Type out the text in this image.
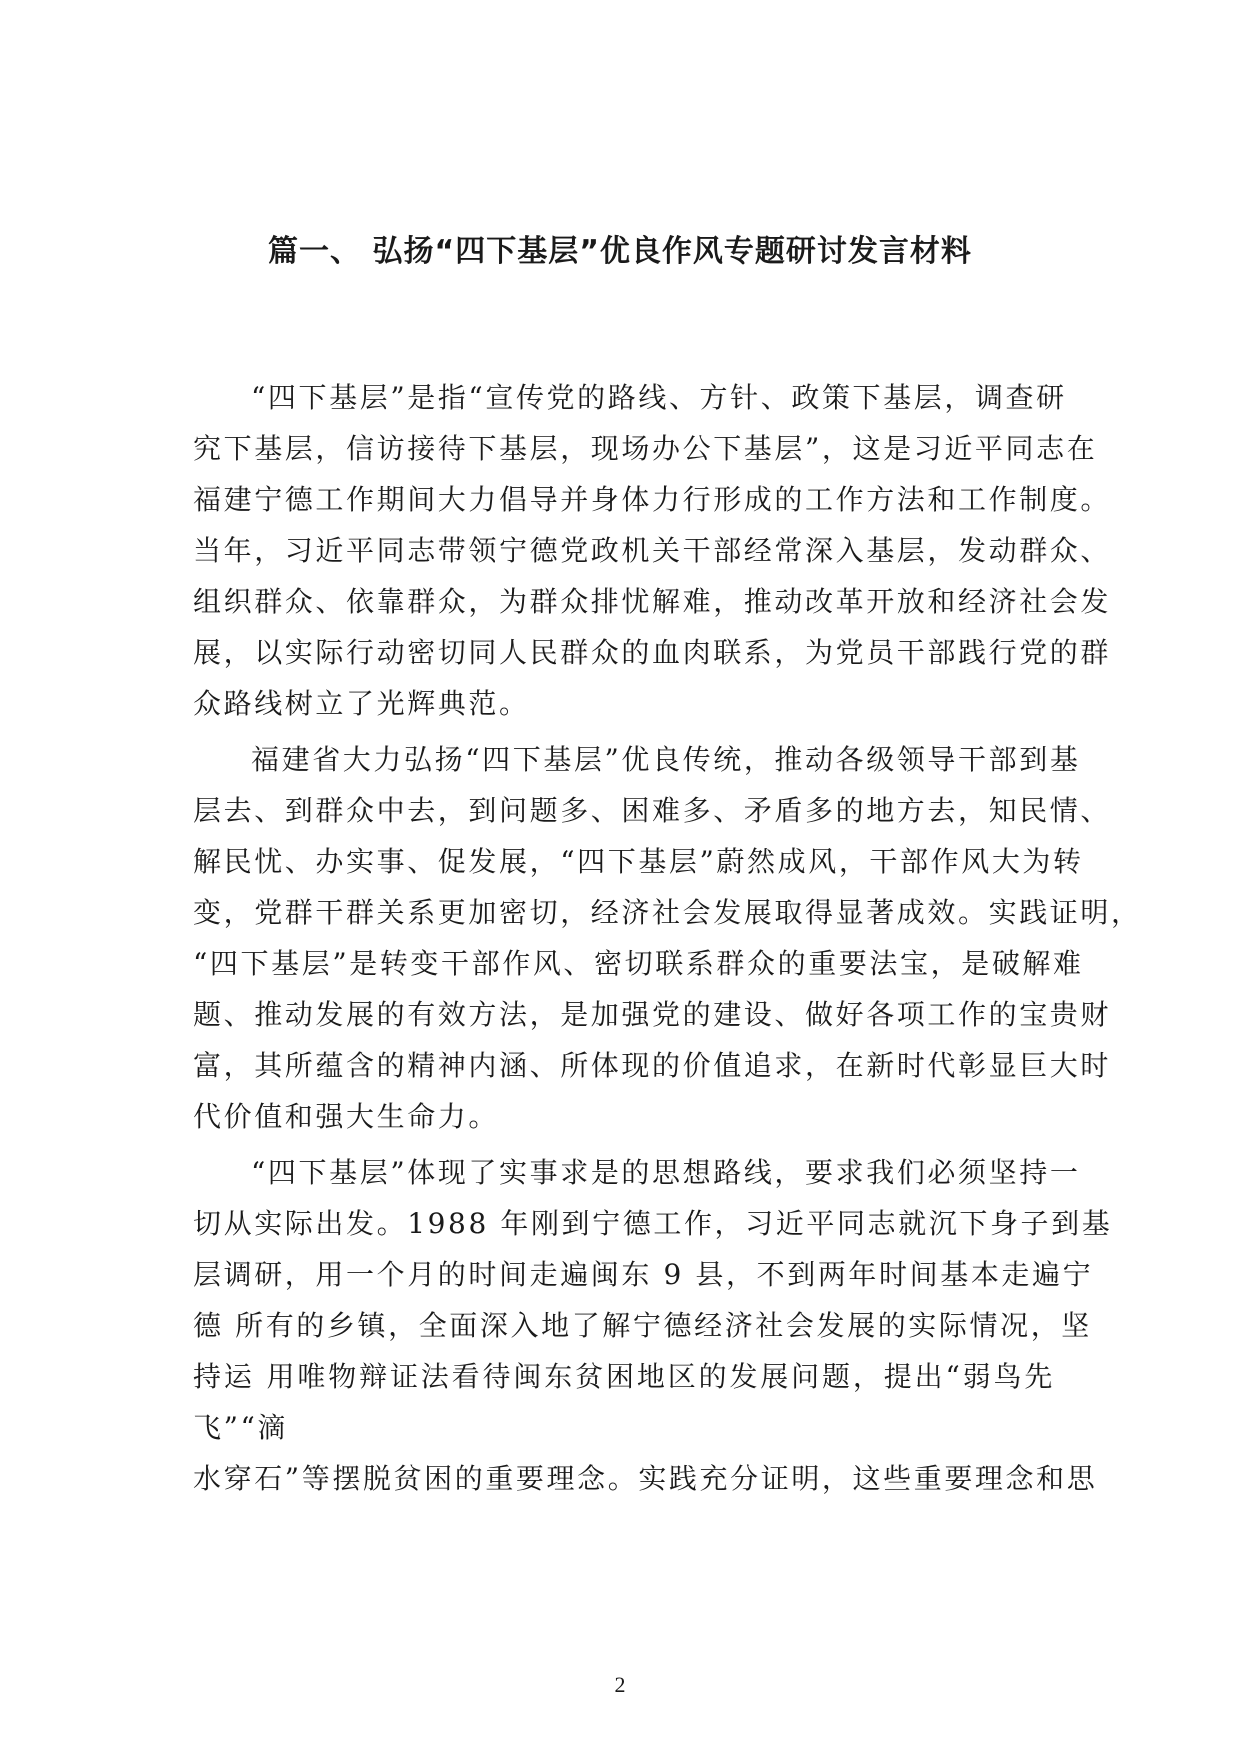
篇一、 弘扬“四下基层”优良作风专题研讨发言材料
“四下基层”是指“宣传党的路线、方针、政策下基层，调查研
究下基层，信访接待下基层，现场办公下基层”，这是习近平同志在
福建宁德工作期间大力倡导并身体力行形成的工作方法和工作制度。
当年，习近平同志带领宁德党政机关干部经常深入基层，发动群众、
组织群众、依靠群众，为群众排忧解难，推动改革开放和经济社会发
展，以实际行动密切同人民群众的血肉联系，为党员干部践行党的群
众路线树立了光辉典范。
福建省大力弘扬“四下基层”优良传统，推动各级领导干部到基
层去、到群众中去，到问题多、困难多、矛盾多的地方去，知民情、
解民忧、办实事、促发展，“四下基层”蔚然成风，干部作风大为转
变，党群干群关系更加密切，经济社会发展取得显著成效。实践证明，
“四下基层”是转变干部作风、密切联系群众的重要法宝，是破解难
题、推动发展的有效方法，是加强党的建设、做好各项工作的宝贵财
富，其所蕴含的精神内涵、所体现的价值追求，在新时代彰显巨大时
代价值和强大生命力。
“四下基层”体现了实事求是的思想路线，要求我们必须坚持一
切从实际出发。1988 年刚到宁德工作，习近平同志就沉下身子到基
层调研，用一个月的时间走遍闽东 9 县，不到两年时间基本走遍宁
德 所有的乡镇，全面深入地了解宁德经济社会发展的实际情况，坚
持运 用唯物辩证法看待闽东贫困地区的发展问题，提出“弱鸟先
飞”“滴
水穿石”等摆脱贫困的重要理念。实践充分证明，这些重要理念和思
2
